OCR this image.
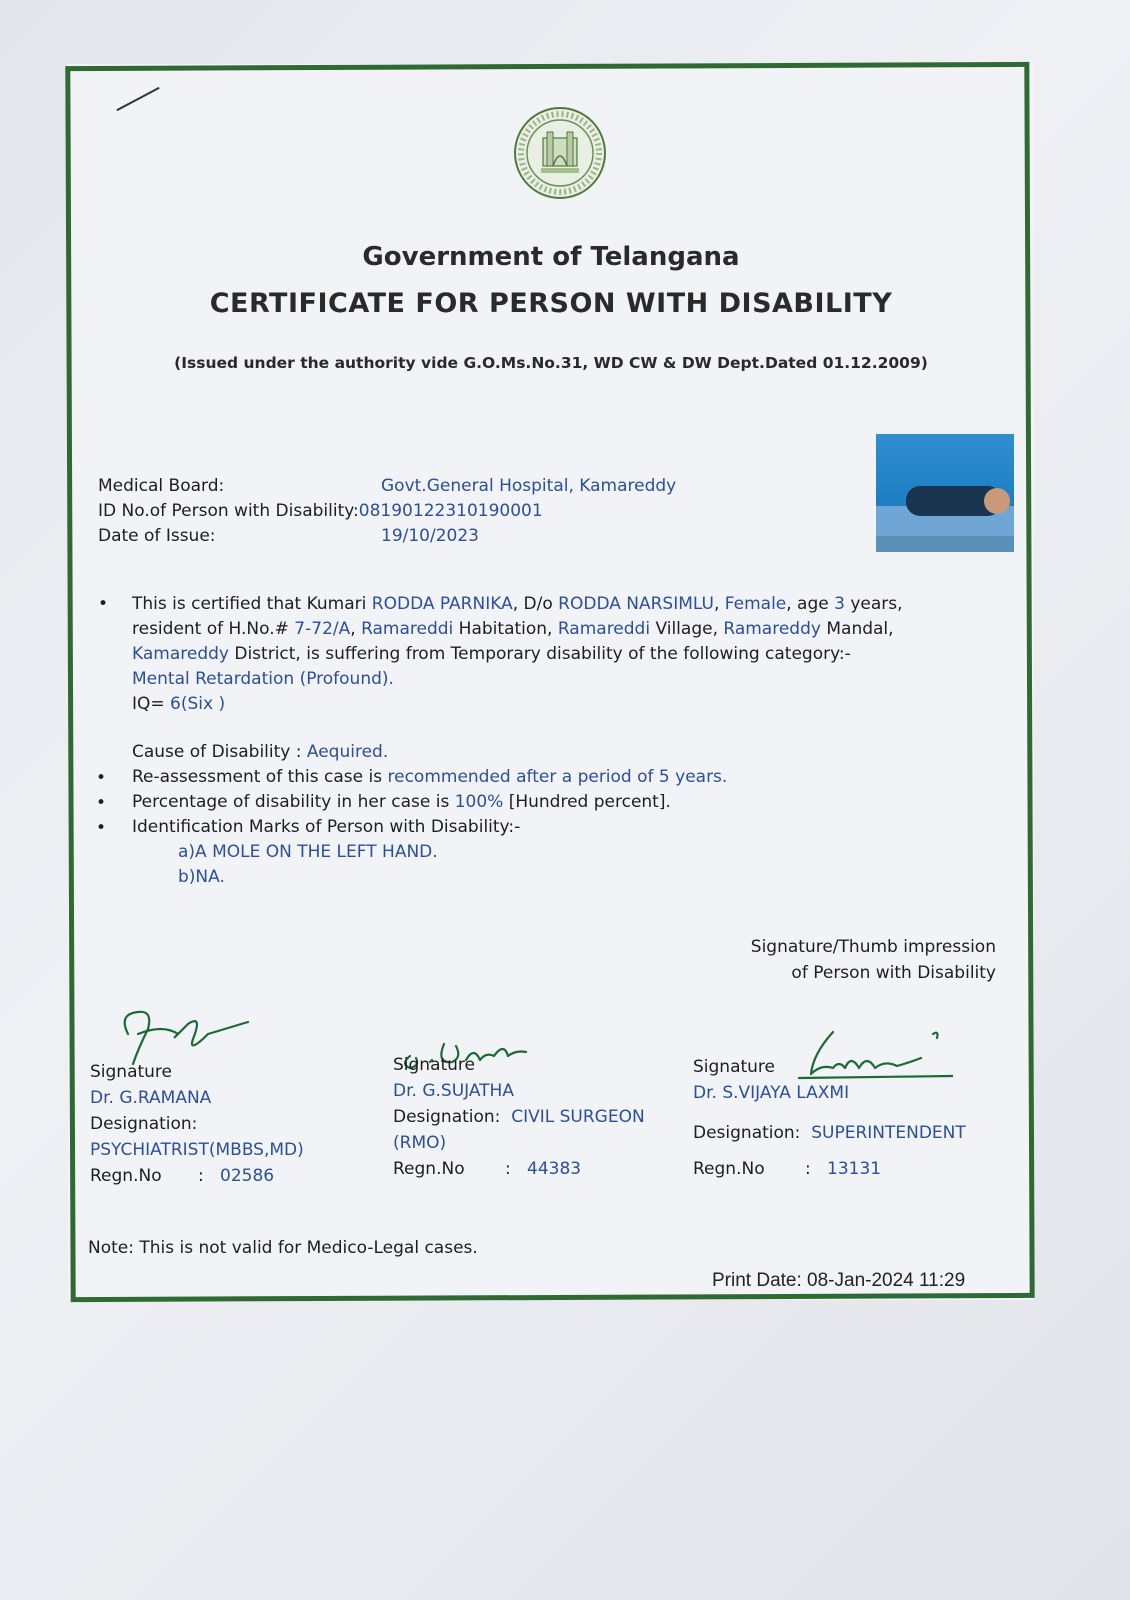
Government of Telangana
CERTIFICATE FOR PERSON WITH DISABILITY
(Issued under the authority vide G.O.Ms.No.31, WD CW & DW Dept.Dated 01.12.2009)
Medical Board:	Govt.General Hospital, Kamareddy
ID No.of Person with Disability:08190122310190001
Date of Issue:	19/10/2023
• This is certified that Kumari RODDA PARNIKA, D/o RODDA NARSIMLU, Female, age 3 years,
resident of H.No.# 7-72/A, Ramareddi Habitation, Ramareddi Village, Ramareddy Mandal,
Kamareddy District, is suffering from Temporary disability of the following category:-
Mental Retardation (Profound).
IQ= 6(Six )
Cause of Disability : Aequired.
• Re-assessment of this case is recommended after a period of 5 years.
• Percentage of disability in her case is 100% [Hundred percent].
• Identification Marks of Person with Disability:-
a)A MOLE ON THE LEFT HAND.
b)NA.
Signature/Thumb impression
of Person with Disability
Signature
Dr. G.RAMANA
Designation:
PSYCHIATRIST(MBBS,MD)
Regn.No : 02586
Signature
Dr. G.SUJATHA
Designation: CIVIL SURGEON
(RMO)
Regn.No : 44383
Signature
Dr. S.VIJAYA LAXMI
Designation: SUPERINTENDENT
Regn.No : 13131
Note: This is not valid for Medico-Legal cases.
Print Date: 08-Jan-2024 11:29
